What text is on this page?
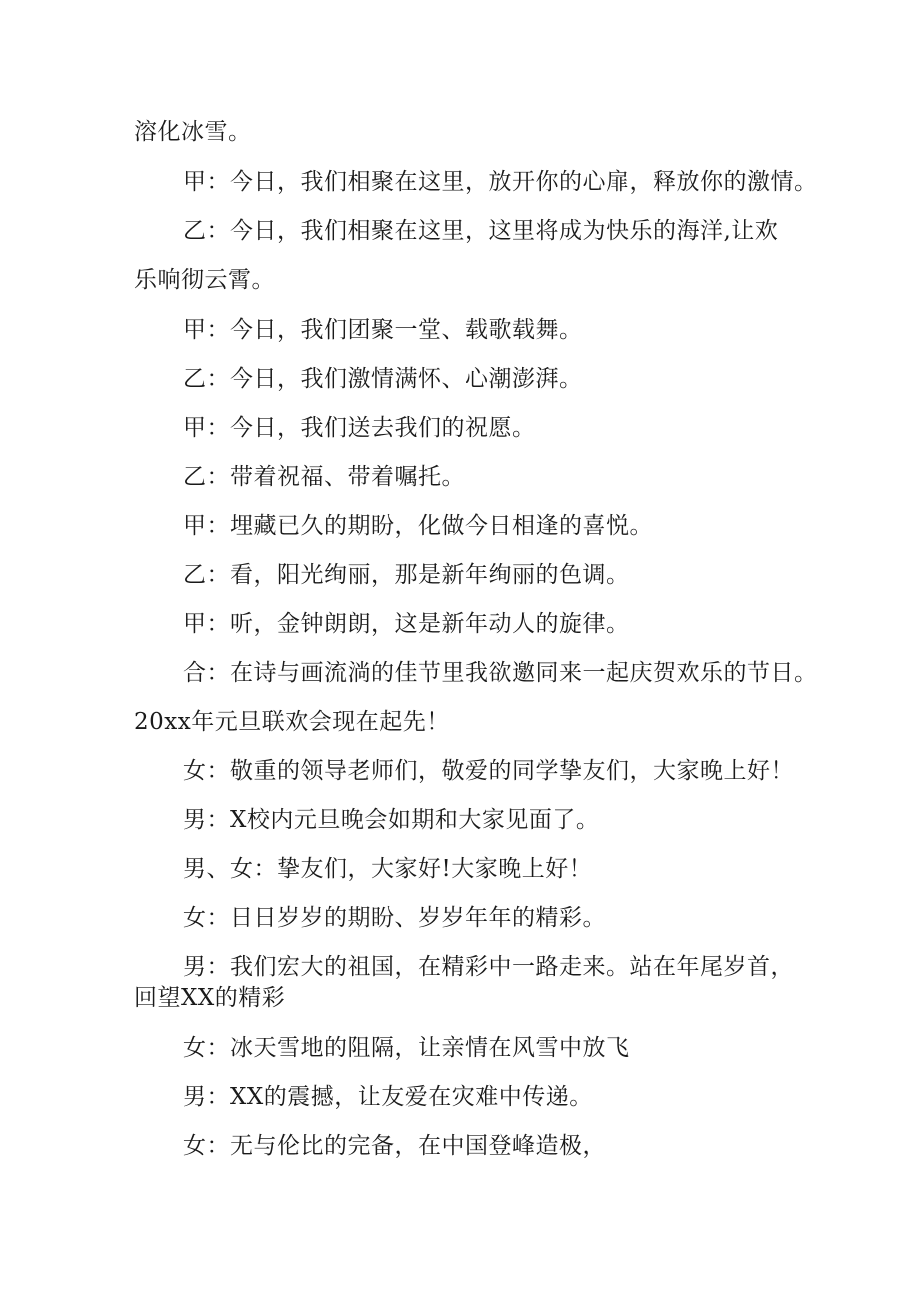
溶化冰雪。
甲：今日，我们相聚在这里，放开你的心扉，释放你的激情。
乙：今日，我们相聚在这里，这里将成为快乐的海洋,让欢
乐响彻云霄。
甲：今日，我们团聚一堂、载歌载舞。
乙：今日，我们激情满怀、心潮澎湃。
甲：今日，我们送去我们的祝愿。
乙：带着祝福、带着嘱托。
甲：埋藏已久的期盼，化做今日相逢的喜悦。
乙：看，阳光绚丽，那是新年绚丽的色调。
甲：听，金钟朗朗，这是新年动人的旋律。
合：在诗与画流淌的佳节里我欲邀同来一起庆贺欢乐的节日。
20xx年元旦联欢会现在起先！
女：敬重的领导老师们，敬爱的同学挚友们，大家晚上好！
男：X校内元旦晚会如期和大家见面了。
男、女：挚友们，大家好!大家晚上好！
女：日日岁岁的期盼、岁岁年年的精彩。
男：我们宏大的祖国，在精彩中一路走来。站在年尾岁首，
回望XX的精彩
女：冰天雪地的阻隔，让亲情在风雪中放飞
男：XX的震撼，让友爱在灾难中传递。
女：无与伦比的完备，在中国登峰造极，
